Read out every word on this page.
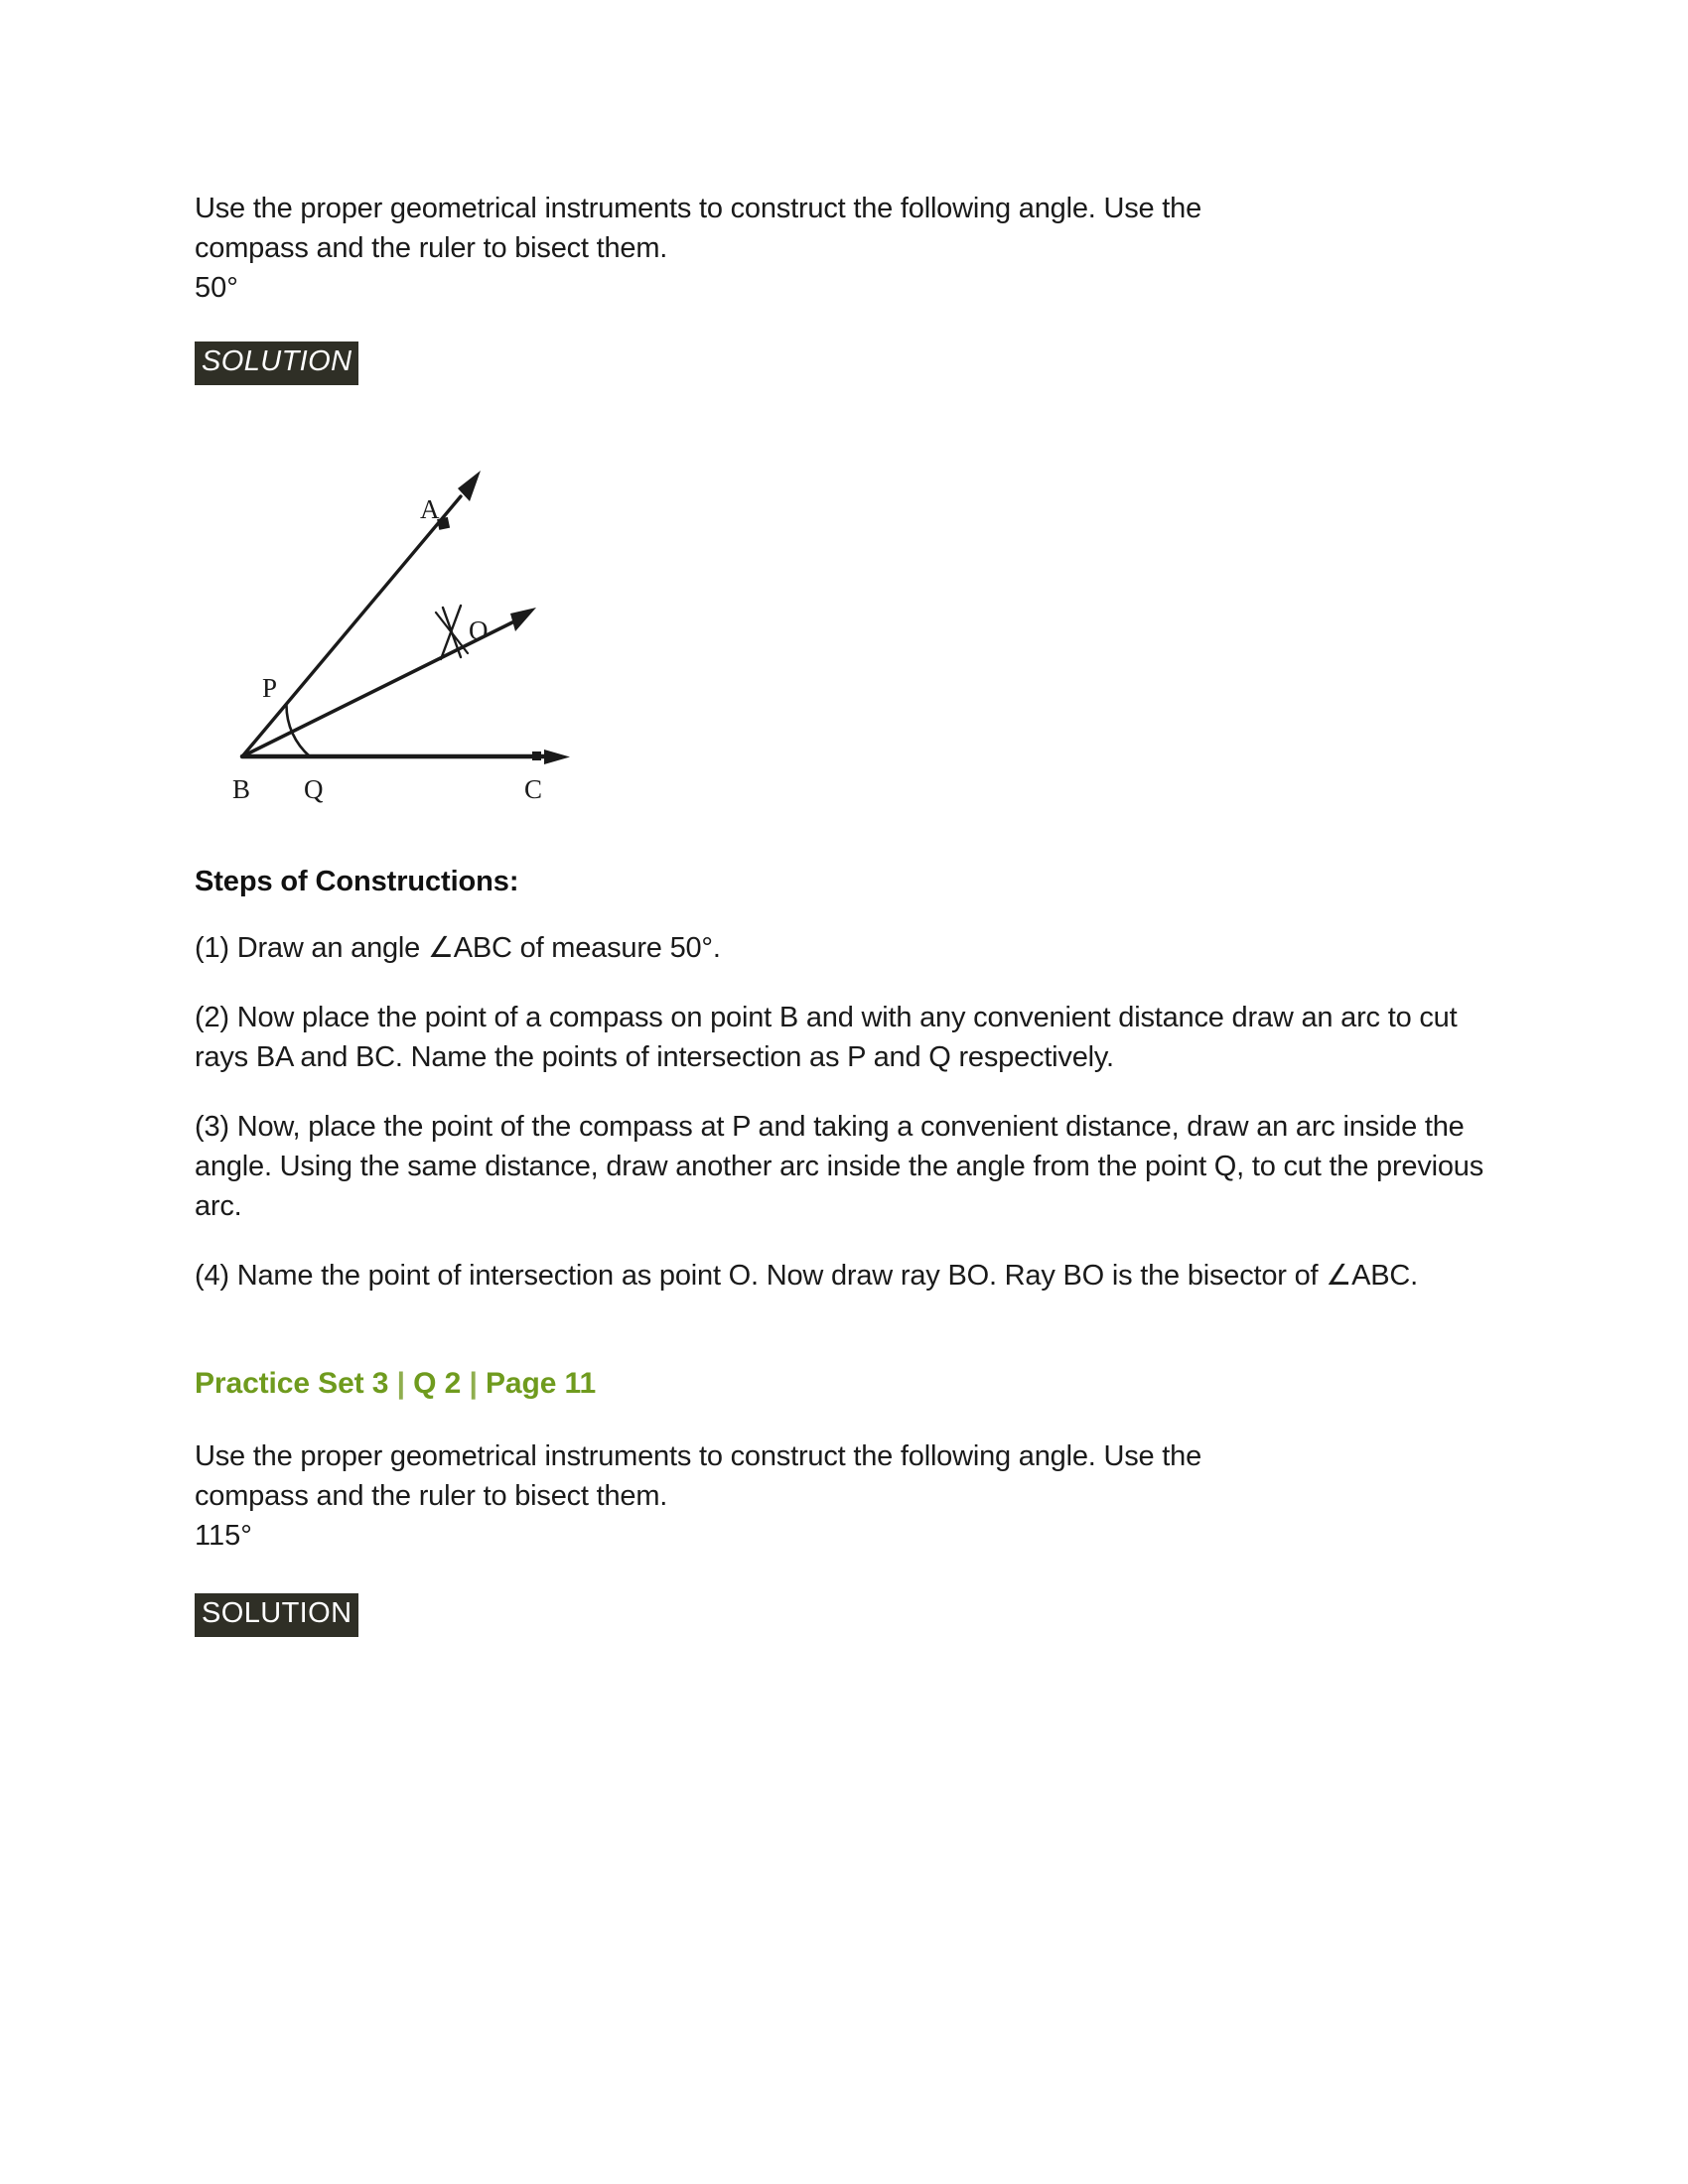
Use the proper geometrical instruments to construct the following angle. Use the
compass and the ruler to bisect them.
50°
SOLUTION
A
B	C
O
P
Q
Steps of Constructions:
(1) Draw an angle ∠ABC of measure 50°.
(2) Now place the point of a compass on point B and with any convenient distance draw an arc to cut rays BA and BC. Name the points of intersection as P and Q respectively.
(3) Now, place the point of the compass at P and taking a convenient distance, draw an arc inside the angle. Using the same distance, draw another arc inside the angle from the point Q, to cut the previous arc.
(4) Name the point of intersection as point O. Now draw ray BO. Ray BO is the bisector of ∠ABC.
Practice Set 3 | Q 2 | Page 11
Use the proper geometrical instruments to construct the following angle. Use the
compass and the ruler to bisect them.
115°
SOLUTION
